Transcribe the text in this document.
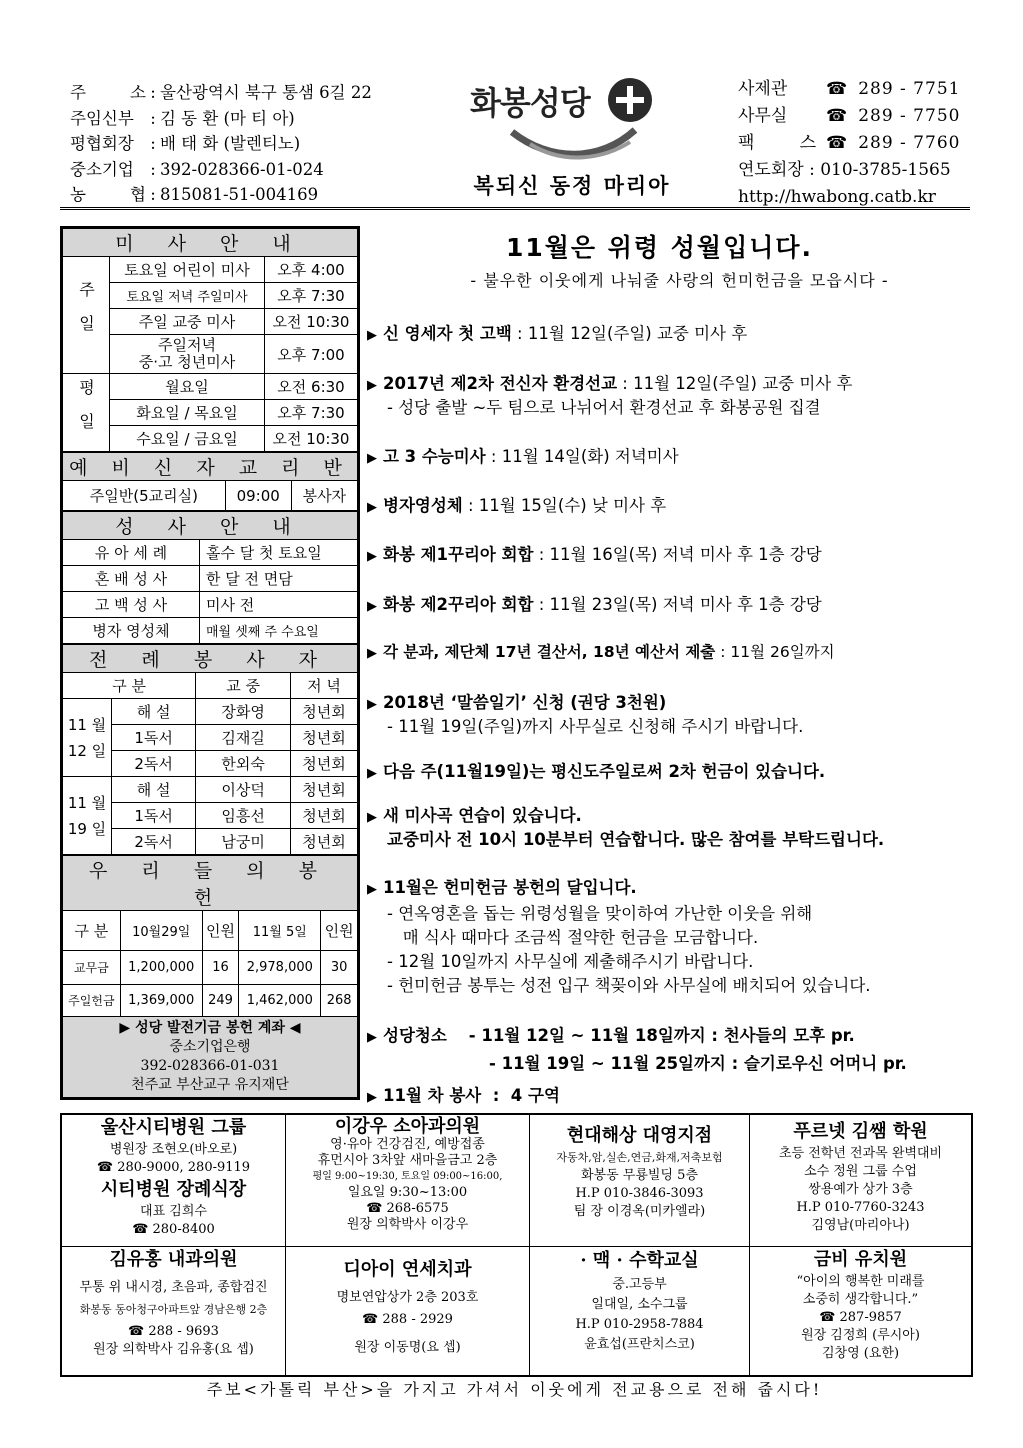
주 소 : 울산광역시 북구 통샘 6길 22
주임신부 : 김 동 환 (마 티 아)
평협회장 : 배 태 화 (발렌티노)
중소기업 : 392-028366-01-024
농 협 : 815081-51-004169
화봉성당
복되신 동정 마리아
사제관	☎ 289 - 7751
사무실	☎ 289 - 7750
팩 스 ☎ 289 - 7760
연도회장 : 010-3785-1565
http://hwabong.catb.kr
미 사 안 내		
주일	토요일 어린이 미사	오후 4:00
	토요일 저녁 주일미사	오후 7:30
	주일 교중 미사	오전 10:30
	주일저녁
중·고 청년미사	오후 7:00
평일	월요일	오전 6:30
	화요일 / 목요일	오후 7:30
	수요일 / 금요일	오전 10:30
예 비 신 자 교 리 반
주일반(5교리실)	09:00	봉사자
성 사 안 내	
유 아 세 례	홀수 달 첫 토요일
혼 배 성 사	한 달 전 면담
고 백 성 사	미사 전
병자 영성체	매월 셋째 주 수요일
전 례 봉 사 자			
구 분		교 중	저 녁
11 월
12 일	해 설	장화영	청년회
	1독서	김재길	청년회
	2독서	한외숙	청년회
11 월
19 일	해 설	이상덕	청년회
	1독서	임흥선	청년회
	2독서	남궁미	청년회
우 리 들 의 봉 헌				
구 분	10월29일	인원	11월 5일	인원
교무금	1,200,000	16	2,978,000	30
주일헌금	1,369,000	249	1,462,000	268

▶ 성당 발전기금 봉헌 계좌 ◀
중소기업은행
392-028366-01-031
천주교 부산교구 유지재단				
11월은 위령 성월입니다.
- 불우한 이웃에게 나눠줄 사랑의 헌미헌금을 모읍시다 -
▶ 신 영세자 첫 고백 : 11월 12일(주일) 교중 미사 후
▶ 2017년 제2차 전신자 환경선교 : 11월 12일(주일) 교중 미사 후
- 성당 출발 ~두 팀으로 나뉘어서 환경선교 후 화봉공원 집결
▶ 고 3 수능미사 : 11월 14일(화) 저녁미사
▶ 병자영성체 : 11월 15일(수) 낮 미사 후
▶ 화봉 제1꾸리아 회합 : 11월 16일(목) 저녁 미사 후 1층 강당
▶ 화봉 제2꾸리아 회합 : 11월 23일(목) 저녁 미사 후 1층 강당
▶ 각 분과, 제단체 17년 결산서, 18년 예산서 제출 : 11월 26일까지
▶ 2018년 ‘말씀일기’ 신청 (권당 3천원)
- 11월 19일(주일)까지 사무실로 신청해 주시기 바랍니다.
▶ 다음 주(11월19일)는 평신도주일로써 2차 헌금이 있습니다.
▶ 새 미사곡 연습이 있습니다.
교중미사 전 10시 10분부터 연습합니다. 많은 참여를 부탁드립니다.
▶ 11월은 헌미헌금 봉헌의 달입니다.
- 연옥영혼을 돕는 위령성월을 맞이하여 가난한 이웃을 위해
매 식사 때마다 조금씩 절약한 헌금을 모금합니다.
- 12월 10일까지 사무실에 제출해주시기 바랍니다.
- 헌미헌금 봉투는 성전 입구 책꽂이와 사무실에 배치되어 있습니다.
▶ 성당청소 - 11월 12일 ~ 11월 18일까지 : 천사들의 모후 pr.
- 11월 19일 ~ 11월 25일까지 : 슬기로우신 어머니 pr.
▶ 11월 차 봉사  :  4 구역
울산시티병원 그룹
병원장 조현오(바오로)
☎ 280-9000, 280-9119
시티병원 장례식장
대표 김희수
☎ 280-8400
이강우 소아과의원
영·유아 건강검진, 예방접종
휴먼시아 3차앞 새마을금고 2층
평일 9:00~19:30, 토요일 09:00~16:00,
일요일 9:30~13:00
☎ 268-6575
원장 의학박사 이강우
현대해상 대영지점
자동차,암,실손,연금,화재,저축보험
화봉동 무룡빌딩 5층
H.P 010-3846-3093
팀 장 이경옥(미카엘라)
푸르넷 김쌤 학원
초등 전학년 전과목 완벽대비
소수 정원 그룹 수업
쌍용예가 상가 3층
H.P 010-7760-3243
김영남(마리아나)
김유홍 내과의원
무통 위 내시경, 초음파, 종합검진
화봉동 동아청구아파트앞 경남은행 2층
☎ 288 - 9693
원장 의학박사 김유홍(요 셉)
디아이 연세치과
명보연압상가 2층 203호
☎ 288 - 2929
원장 이동명(요 셉)
· 맥 · 수학교실
중.고등부
일대일, 소수그룹
H.P 010-2958-7884
윤효섭(프란치스코)
금비 유치원
“아이의 행복한 미래를
소중히 생각합니다.”
☎ 287-9857
원장 김정희 (루시아)
김창영 (요한)
주보<가톨릭 부산>을 가지고 가셔서 이웃에게 전교용으로 전해 줍시다!
